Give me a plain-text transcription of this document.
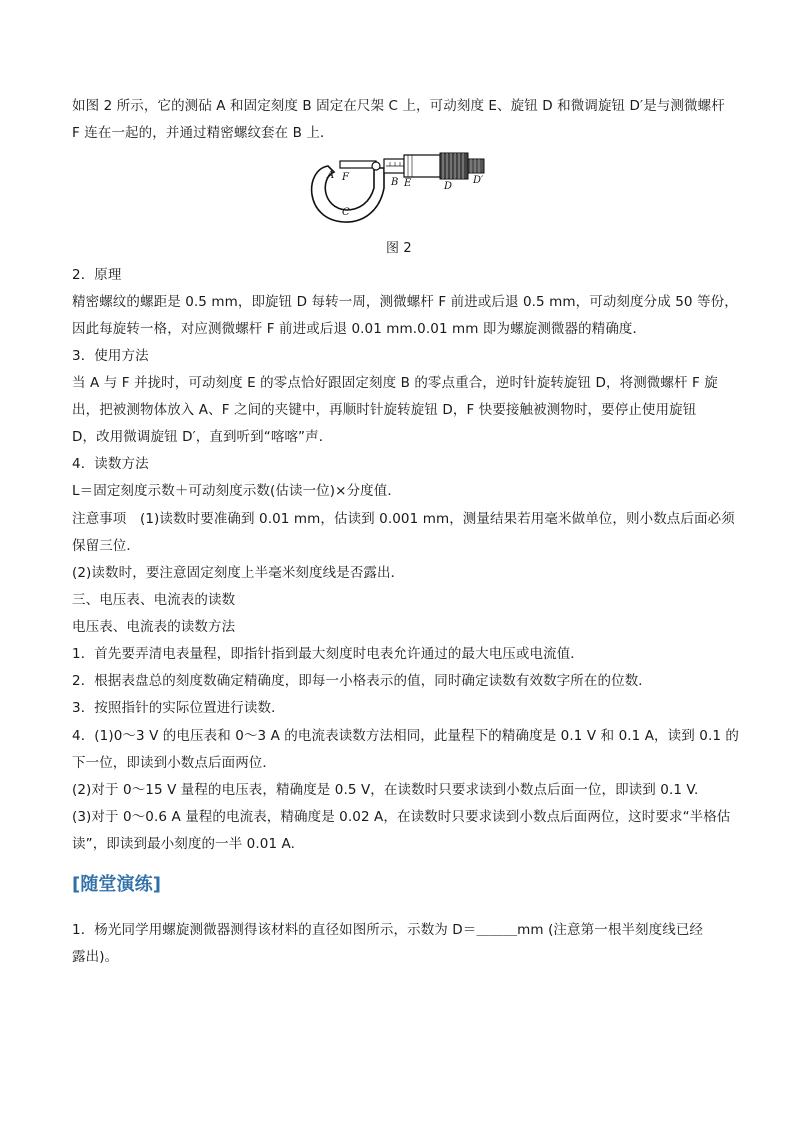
如图 2 所示，它的测砧 A 和固定刻度 B 固定在尺架 C 上，可动刻度 E、旋钮 D 和微调旋钮 D′是与测微螺杆
F 连在一起的，并通过精密螺纹套在 B 上．
A F	B E	D
D′
C
图 2
2．原理
精密螺纹的螺距是 0.5 mm，即旋钮 D 每转一周，测微螺杆 F 前进或后退 0.5 mm，可动刻度分成 50 等份，
因此每旋转一格，对应测微螺杆 F 前进或后退 0.01 mm.0.01 mm 即为螺旋测微器的精确度．
3．使用方法
当 A 与 F 并拢时，可动刻度 E 的零点恰好跟固定刻度 B 的零点重合，逆时针旋转旋钮 D，将测微螺杆 F 旋
出，把被测物体放入 A、F 之间的夹键中，再顺时针旋转旋钮 D，F 快要接触被测物时，要停止使用旋钮
D，改用微调旋钮 D′，直到听到“喀喀”声．
4．读数方法
L＝固定刻度示数＋可动刻度示数(估读一位)×分度值．
注意事项　(1)读数时要准确到 0.01 mm，估读到 0.001 mm，测量结果若用毫米做单位，则小数点后面必须
保留三位．
(2)读数时，要注意固定刻度上半毫米刻度线是否露出．
三、电压表、电流表的读数
电压表、电流表的读数方法
1．首先要弄清电表量程，即指针指到最大刻度时电表允许通过的最大电压或电流值．
2．根据表盘总的刻度数确定精确度，即每一小格表示的值，同时确定读数有效数字所在的位数．
3．按照指针的实际位置进行读数．
4．(1)0～3 V 的电压表和 0～3 A 的电流表读数方法相同，此量程下的精确度是 0.1 V 和 0.1 A，读到 0.1 的
下一位，即读到小数点后面两位．
(2)对于 0～15 V 量程的电压表，精确度是 0.5 V，在读数时只要求读到小数点后面一位，即读到 0.1 V.
(3)对于 0～0.6 A 量程的电流表，精确度是 0.02 A，在读数时只要求读到小数点后面两位，这时要求“半格估
读”，即读到最小刻度的一半 0.01 A.
[随堂演练]
1．杨光同学用螺旋测微器测得该材料的直径如图所示，示数为 D＝＿＿＿mm (注意第一根半刻度线已经
露出)。
